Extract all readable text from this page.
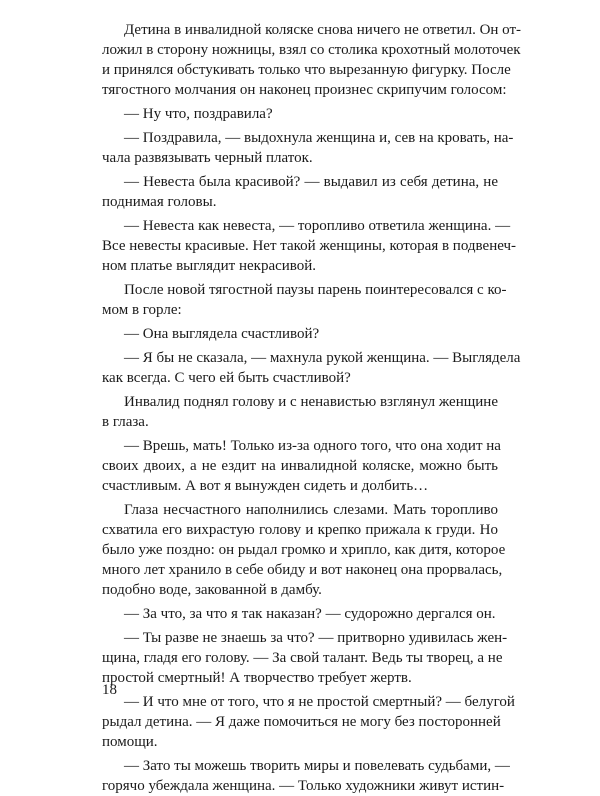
Детина в инвалидной коляске снова ничего не ответил. Он от-
ложил в сторону ножницы, взял со столика крохотный молоточек
и принялся обстукивать только что вырезанную фигурку. После
тягостного молчания он наконец произнес скрипучим голосом:
— Ну что, поздравила?
— Поздравила, — выдохнула женщина и, сев на кровать, на-
чала развязывать черный платок.
— Невеста была красивой? — выдавил из себя детина, не
поднимая головы.
— Невеста как невеста, — торопливо ответила женщина. —
Все невесты красивые. Нет такой женщины, которая в подвенеч-
ном платье выглядит некрасивой.
После новой тягостной паузы парень поинтересовался с ко-
мом в горле:
— Она выглядела счастливой?
— Я бы не сказала, — махнула рукой женщина. — Выглядела
как всегда. С чего ей быть счастливой?
Инвалид поднял голову и с ненавистью взглянул женщине
в глаза.
— Врешь, мать! Только из-за одного того, что она ходит на
своих двоих, а не ездит на инвалидной коляске, можно быть
счастливым. А вот я вынужден сидеть и долбить…
Глаза несчастного наполнились слезами. Мать торопливо
схватила его вихрастую голову и крепко прижала к груди. Но
было уже поздно: он рыдал громко и хрипло, как дитя, которое
много лет хранило в себе обиду и вот наконец она прорвалась,
подобно воде, закованной в дамбу.
— За что, за что я так наказан? — судорожно дергался он.
— Ты разве не знаешь за что? — притворно удивилась жен-
щина, гладя его голову. — За свой талант. Ведь ты творец, а не
простой смертный! А творчество требует жертв.
— И что мне от того, что я не простой смертный? — белугой
рыдал детина. — Я даже помочиться не могу без посторонней
помощи.
— Зато ты можешь творить миры и повелевать судьбами, —
горячо убеждала женщина. — Только художники живут истин-
18
